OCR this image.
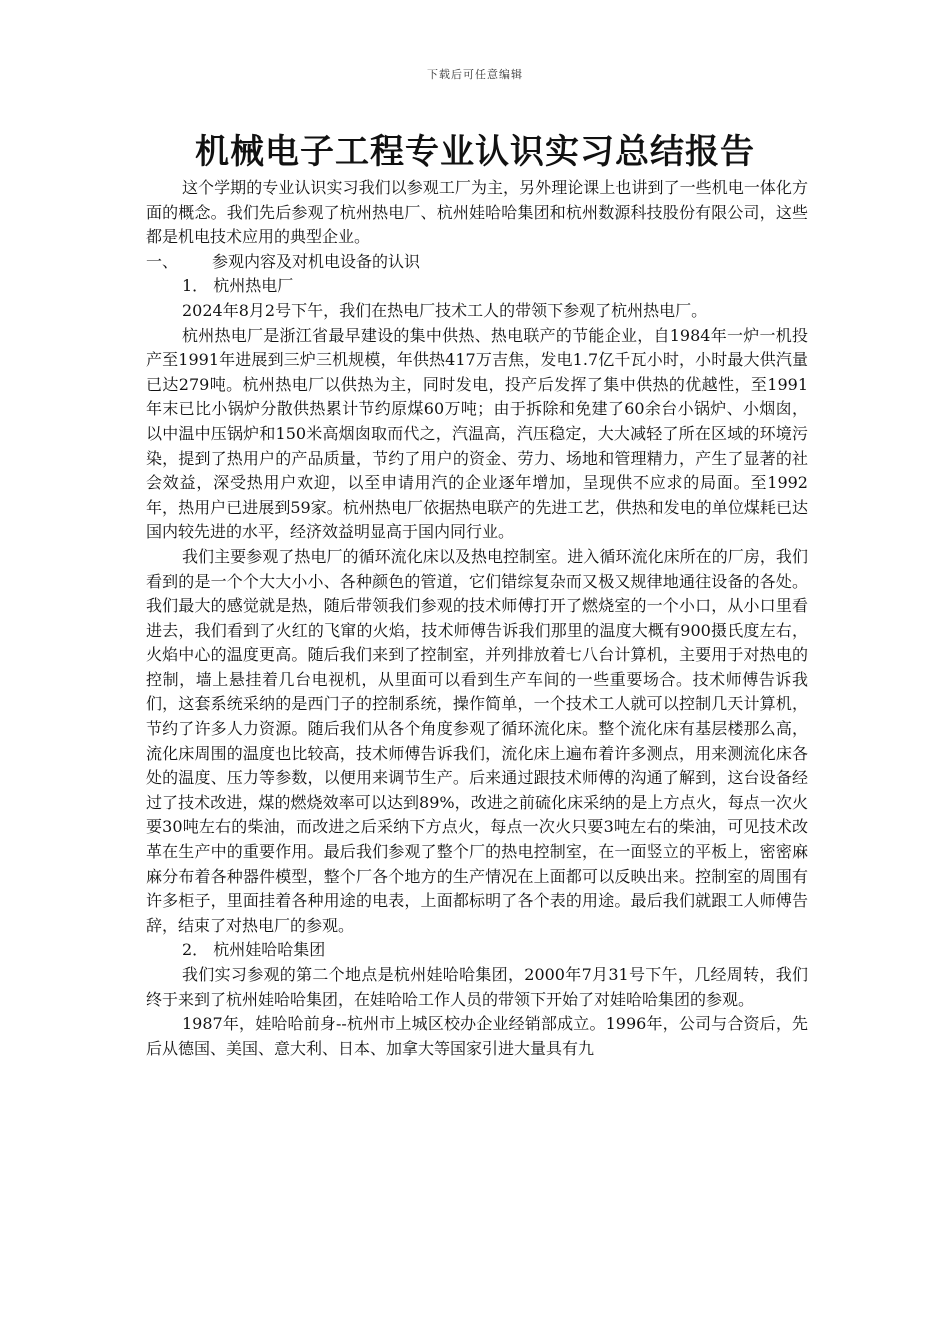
下载后可任意编辑
机械电子工程专业认识实习总结报告

这个学期的专业认识实习我们以参观工厂为主，另外理论课上也讲到了一些机电一体化方面的概念。我们先后参观了杭州热电厂、杭州娃哈哈集团和杭州数源科技股份有限公司，这些都是机电技术应用的典型企业。

一、 参观内容及对机电设备的认识

1． 杭州热电厂

2024年8月2号下午，我们在热电厂技术工人的带领下参观了杭州热电厂。

杭州热电厂是浙江省最早建设的集中供热、热电联产的节能企业，自1984年一炉一机投产至1991年进展到三炉三机规模，年供热417万吉焦，发电1.7亿千瓦小时，小时最大供汽量已达279吨。杭州热电厂以供热为主，同时发电，投产后发挥了集中供热的优越性，至1991年末已比小锅炉分散供热累计节约原煤60万吨；由于拆除和免建了60余台小锅炉、小烟囱，以中温中压锅炉和150米高烟囱取而代之，汽温高，汽压稳定，大大减轻了所在区域的环境污染，提到了热用户的产品质量，节约了用户的资金、劳力、场地和管理精力，产生了显著的社会效益，深受热用户欢迎，以至申请用汽的企业逐年增加，呈现供不应求的局面。至1992年，热用户已进展到59家。杭州热电厂依据热电联产的先进工艺，供热和发电的单位煤耗已达国内较先进的水平，经济效益明显高于国内同行业。

我们主要参观了热电厂的循环流化床以及热电控制室。进入循环流化床所在的厂房，我们看到的是一个个大大小小、各种颜色的管道，它们错综复杂而又极又规律地通往设备的各处。我们最大的感觉就是热，随后带领我们参观的技术师傅打开了燃烧室的一个小口，从小口里看进去，我们看到了火红的飞窜的火焰，技术师傅告诉我们那里的温度大概有900摄氏度左右，火焰中心的温度更高。随后我们来到了控制室，并列排放着七八台计算机，主要用于对热电的控制，墙上悬挂着几台电视机，从里面可以看到生产车间的一些重要场合。技术师傅告诉我们，这套系统采纳的是西门子的控制系统，操作简单，一个技术工人就可以控制几天计算机，节约了许多人力资源。随后我们从各个角度参观了循环流化床。整个流化床有基层楼那么高，流化床周围的温度也比较高，技术师傅告诉我们，流化床上遍布着许多测点，用来测流化床各处的温度、压力等参数，以便用来调节生产。后来通过跟技术师傅的沟通了解到，这台设备经过了技术改进，煤的燃烧效率可以达到89%，改进之前硫化床采纳的是上方点火，每点一次火要30吨左右的柴油，而改进之后采纳下方点火，每点一次火只要3吨左右的柴油，可见技术改革在生产中的重要作用。最后我们参观了整个厂的热电控制室，在一面竖立的平板上，密密麻麻分布着各种器件模型，整个厂各个地方的生产情况在上面都可以反映出来。控制室的周围有许多柜子，里面挂着各种用途的电表，上面都标明了各个表的用途。最后我们就跟工人师傅告辞，结束了对热电厂的参观。

2． 杭州娃哈哈集团

我们实习参观的第二个地点是杭州娃哈哈集团，2000年7月31号下午，几经周转，我们终于来到了杭州娃哈哈集团，在娃哈哈工作人员的带领下开始了对娃哈哈集团的参观。

1987年，娃哈哈前身--杭州市上城区校办企业经销部成立。1996年，公司与合资后，先后从德国、美国、意大利、日本、加拿大等国家引进大量具有九
